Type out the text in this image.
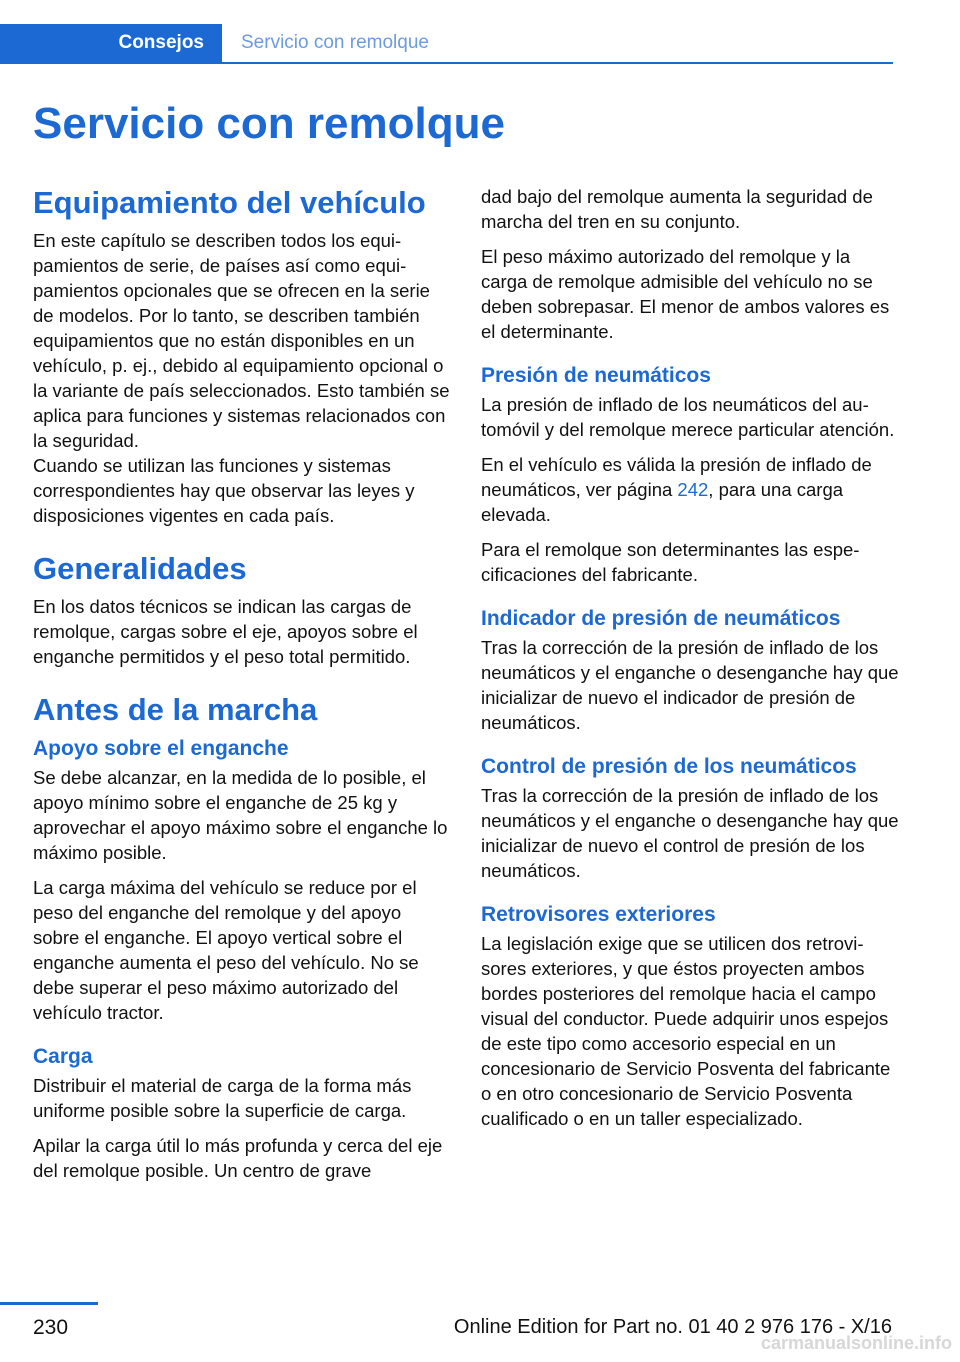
Consejos	Servicio con remolque
Servicio con remolque
Equipamiento del vehículo

En este capítulo se describen todos los equipamientos de serie, de países así como equipamientos opcionales que se ofrecen en la serie de modelos. Por lo tanto, se describen también equipamientos que no están disponibles en un vehículo, p. ej., debido al equipamiento opcional o la variante de país seleccionados. Esto también se aplica para funciones y sistemas relacionados con la seguridad.

Cuando se utilizan las funciones y sistemas correspondientes hay que observar las leyes y disposiciones vigentes en cada país.

Generalidades

En los datos técnicos se indican las cargas de remolque, cargas sobre el eje, apoyos sobre el enganche permitidos y el peso total permitido.

Antes de la marcha
Apoyo sobre el enganche

Se debe alcanzar, en la medida de lo posible, el apoyo mínimo sobre el enganche de 25 kg y aprovechar el apoyo máximo sobre el enganche lo máximo posible.

La carga máxima del vehículo se reduce por el peso del enganche del remolque y del apoyo sobre el enganche. El apoyo vertical sobre el enganche aumenta el peso del vehículo. No se debe superar el peso máximo autorizado del vehículo tractor.

Carga

Distribuir el material de carga de la forma más uniforme posible sobre la superficie de carga.

Apilar la carga útil lo más profunda y cerca del eje del remolque posible. Un centro de grave

dad bajo del remolque aumenta la seguridad de marcha del tren en su conjunto.

El peso máximo autorizado del remolque y la carga de remolque admisible del vehículo no se deben sobrepasar. El menor de ambos valores es el determinante.

Presión de neumáticos

La presión de inflado de los neumáticos del automóvil y del remolque merece particular atención.

En el vehículo es válida la presión de inflado de neumáticos, ver página 242, para una carga elevada.

Para el remolque son determinantes las especificaciones del fabricante.

Indicador de presión de neumáticos

Tras la corrección de la presión de inflado de los neumáticos y el enganche o desenganche hay que inicializar de nuevo el indicador de presión de neumáticos.

Control de presión de los neumáticos

Tras la corrección de la presión de inflado de los neumáticos y el enganche o desenganche hay que inicializar de nuevo el control de presión de los neumáticos.

Retrovisores exteriores

La legislación exige que se utilicen dos retrovisores exteriores, y que éstos proyecten ambos bordes posteriores del remolque hacia el campo visual del conductor. Puede adquirir unos espejos de este tipo como accesorio especial en un concesionario de Servicio Posventa del fabricante o en otro concesionario de Servicio Posventa cualificado o en un taller especializado.

230	Online Edition for Part no. 01 40 2 976 176 - X/16
carmanualsonline.info
